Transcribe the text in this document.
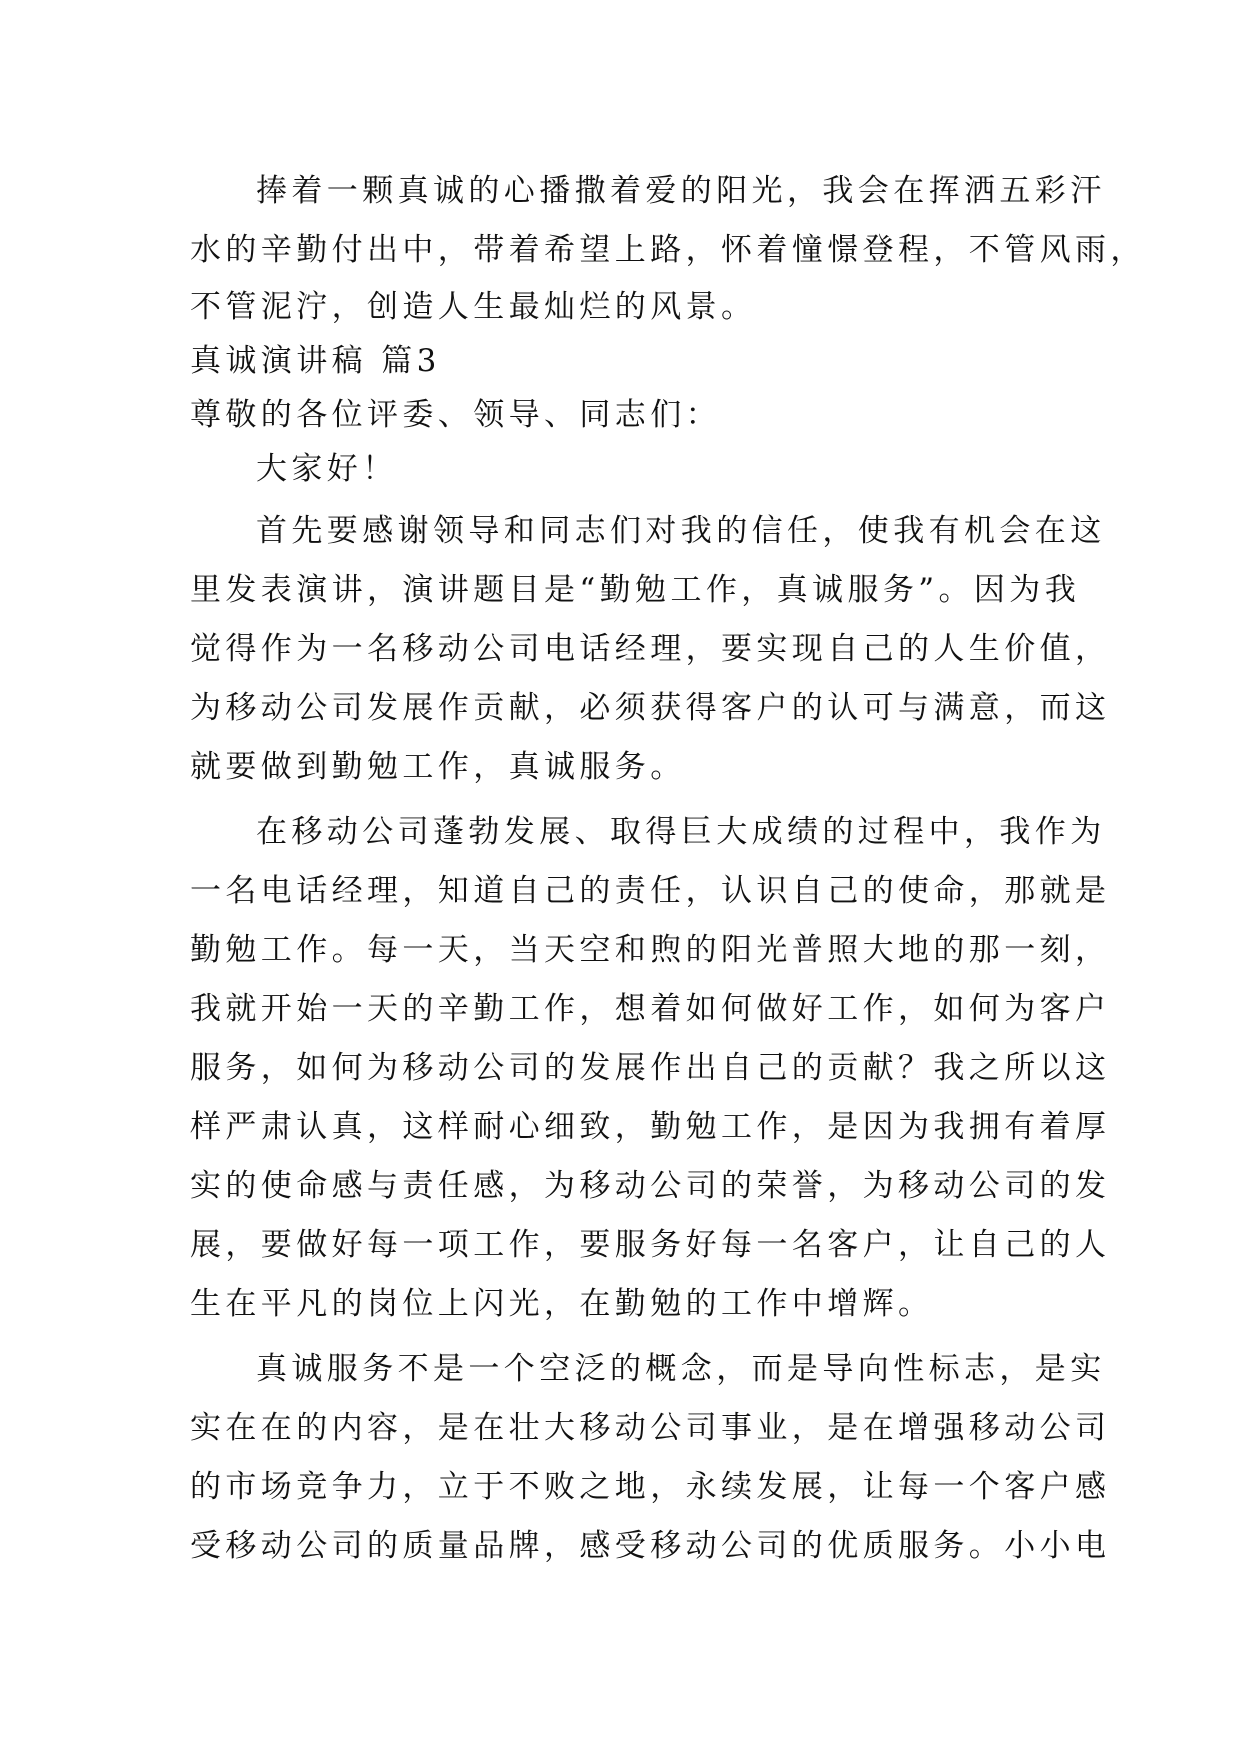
捧着一颗真诚的心播撒着爱的阳光，我会在挥洒五彩汗
水的辛勤付出中，带着希望上路，怀着憧憬登程，不管风雨，
不管泥泞，创造人生最灿烂的风景。
真诚演讲稿 篇3
尊敬的各位评委、领导、同志们：
大家好！
首先要感谢领导和同志们对我的信任，使我有机会在这
里发表演讲，演讲题目是“勤勉工作，真诚服务”。因为我
觉得作为一名移动公司电话经理，要实现自己的人生价值，
为移动公司发展作贡献，必须获得客户的认可与满意，而这
就要做到勤勉工作，真诚服务。
在移动公司蓬勃发展、取得巨大成绩的过程中，我作为
一名电话经理，知道自己的责任，认识自己的使命，那就是
勤勉工作。每一天，当天空和煦的阳光普照大地的那一刻，
我就开始一天的辛勤工作，想着如何做好工作，如何为客户
服务，如何为移动公司的发展作出自己的贡献？我之所以这
样严肃认真，这样耐心细致，勤勉工作，是因为我拥有着厚
实的使命感与责任感，为移动公司的荣誉，为移动公司的发
展，要做好每一项工作，要服务好每一名客户，让自己的人
生在平凡的岗位上闪光，在勤勉的工作中增辉。
真诚服务不是一个空泛的概念，而是导向性标志，是实
实在在的内容，是在壮大移动公司事业，是在增强移动公司
的市场竞争力，立于不败之地，永续发展，让每一个客户感
受移动公司的质量品牌，感受移动公司的优质服务。小小电
